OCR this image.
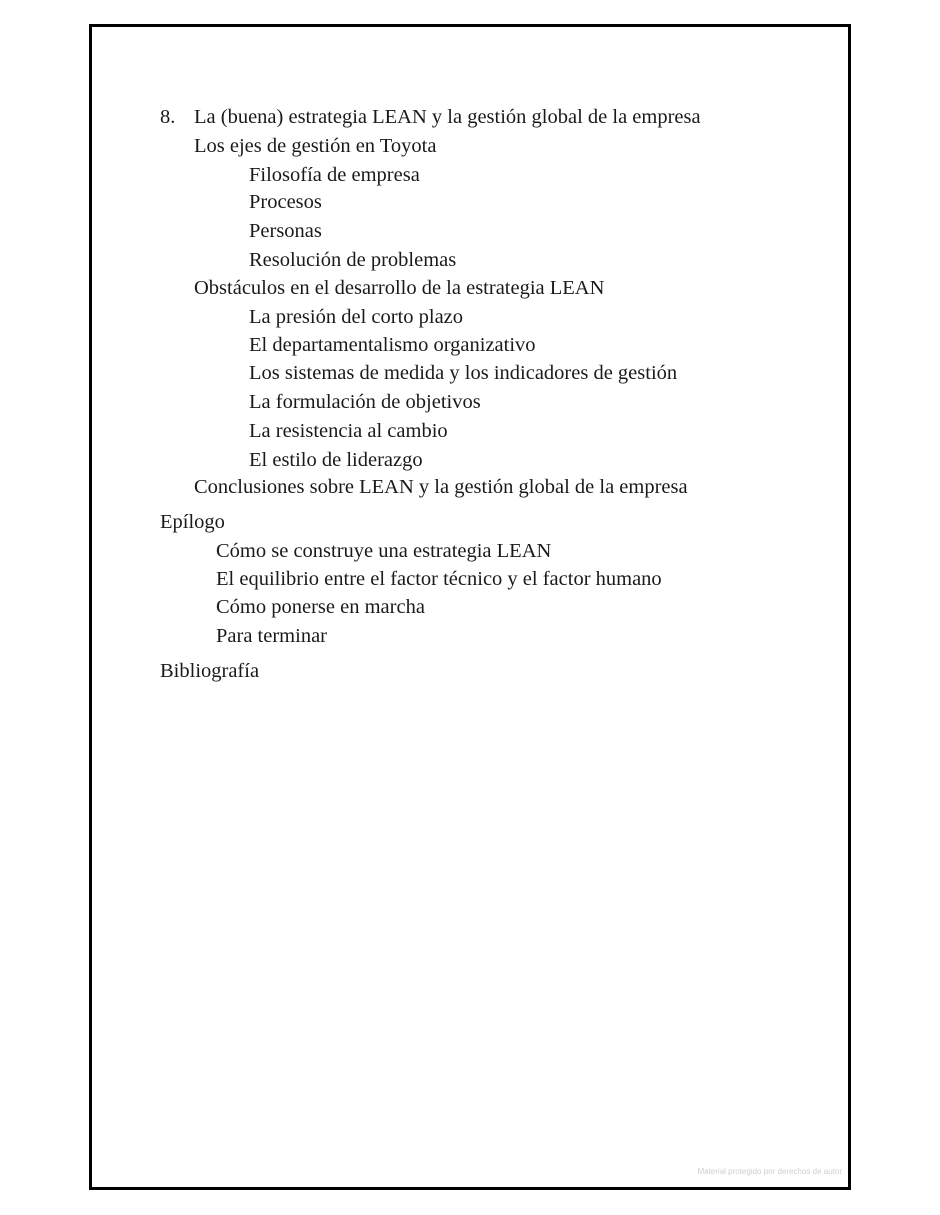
8. La (buena) estrategia LEAN y la gestión global de la empresa
Los ejes de gestión en Toyota
Filosofía de empresa
Procesos
Personas
Resolución de problemas
Obstáculos en el desarrollo de la estrategia LEAN
La presión del corto plazo
El departamentalismo organizativo
Los sistemas de medida y los indicadores de gestión
La formulación de objetivos
La resistencia al cambio
El estilo de liderazgo
Conclusiones sobre LEAN y la gestión global de la empresa
Epílogo
Cómo se construye una estrategia LEAN
El equilibrio entre el factor técnico y el factor humano
Cómo ponerse en marcha
Para terminar
Bibliografía
Material protegido por derechos de autor
